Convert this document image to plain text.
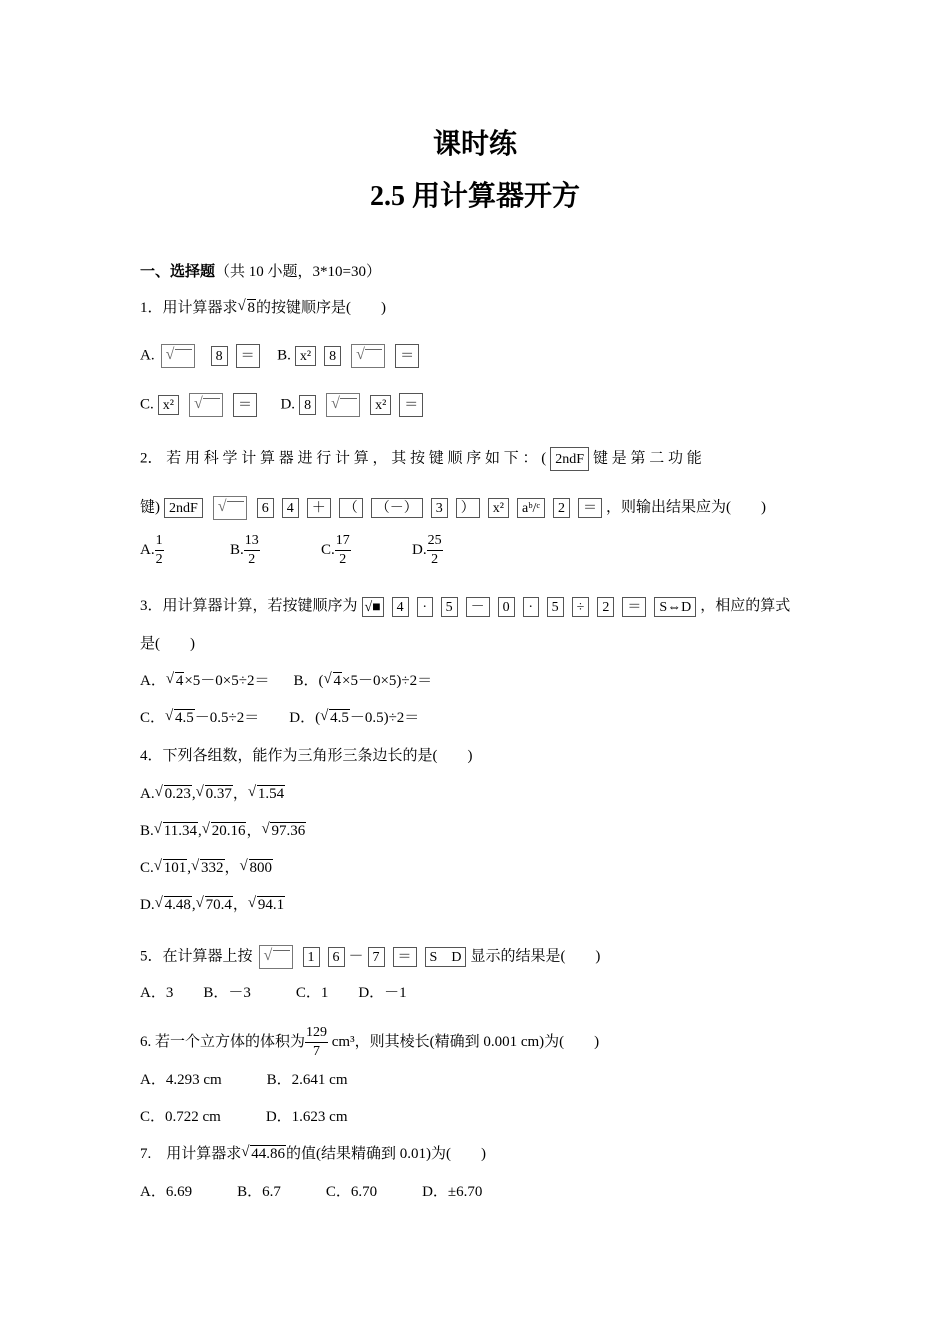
课时练
2.5 用计算器开方
一、选择题（共 10 小题，3*10=30）
1．用计算器求 √ 8的按键顺序是(　　)
A. √	8 ＝ B. x² 8 √	＝
C. x² √	＝ D. 8 √	x² ＝
2． 若 用 科 学 计 算 器 进 行 计 算 ， 其 按 键 顺 序 如 下 ： ( 2ndF 键 是 第 二 功 能
键) 2ndF √	6 4 ＋ （ （－） 3 ） x² aᵇ/ᶜ 2 ＝ ，则输出结果应为(　　)
A. $\frac{1}{2}$	B. $\frac{13}{2}$	C. $\frac{17}{2}$	D. $\frac{25}{2}$
3．用计算器计算，若按键顺序为 √■ 4 · 5 － 0 · 5 ÷ 2 ＝ S⇔D ，相应的算式
是(　　)
A． √ 4×5－0×5÷2＝ B．( √ 4×5－0×5)÷2＝
C． √ 4.5－0.5÷2＝ D．( √ 4.5－0.5)÷2＝
4．下列各组数，能作为三角形三条边长的是(　　)
A. √ 0.23, √ 0.37， √ 1.54
B. √ 11.34, √ 20.16， √ 97.36
C. √ 101, √ 332， √ 800
D. √ 4.48, √ 70.4， √ 94.1
5．在计算器上按 √	1 6 － 7 ＝ S　D 显示的结果是(　　)
A．3　　B．－3　　　C．1　　D．－1
6. 若一个立方体的体积为 $\frac{129}{7} cm^3$，则其棱长(精确到 0.001 cm)为(　　)
A．4.293 cm　　　B．2.641 cm
C．0.722 cm　　　D．1.623 cm
7.　用计算器求 √ 44.86的值(结果精确到 0.01)为(　　)
A．6.69　　　B．6.7　　　C．6.70　　　D．±6.70
